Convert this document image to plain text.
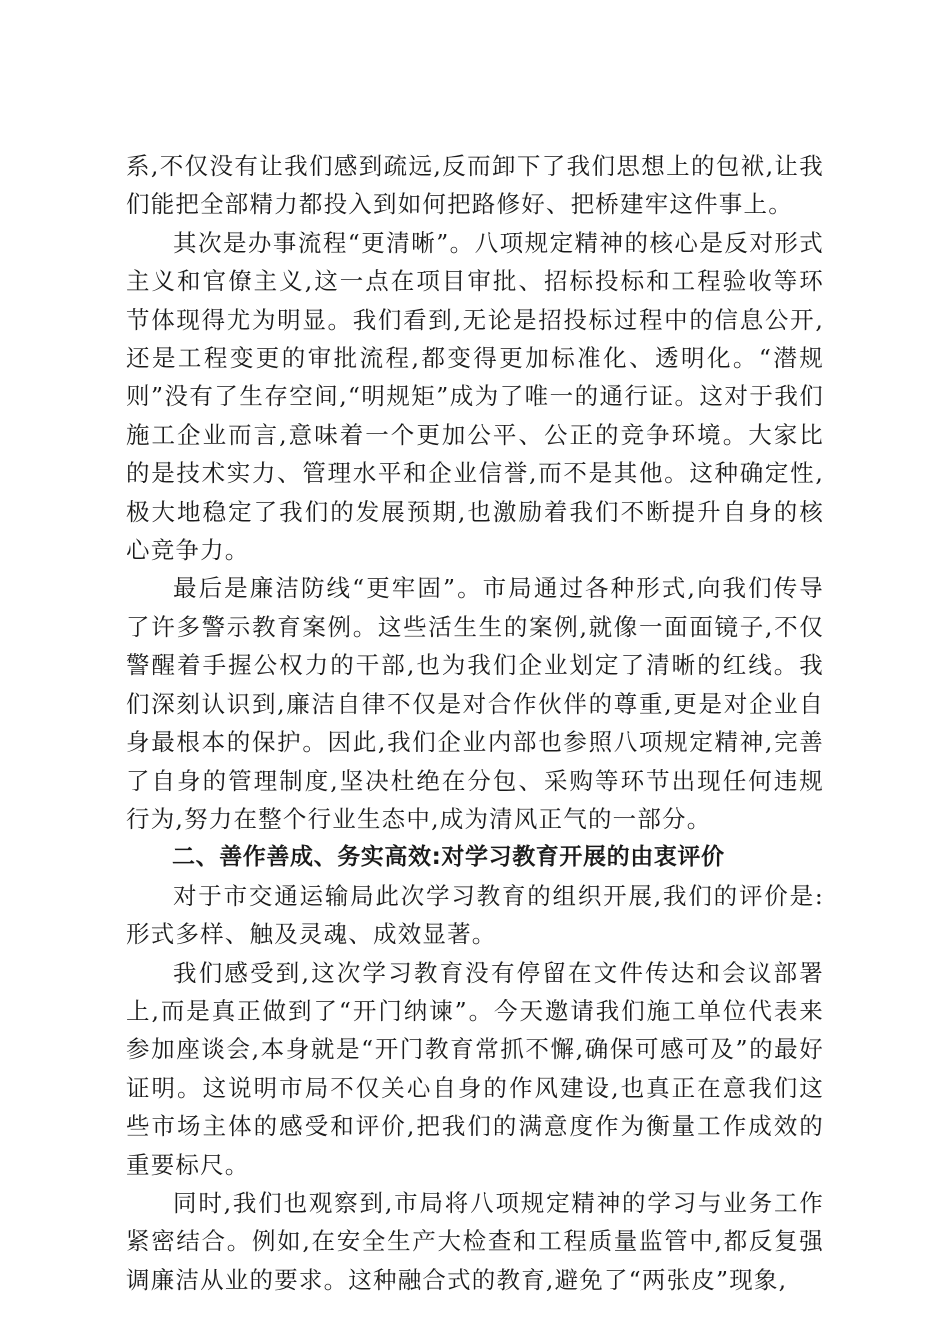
系,不仅没有让我们感到疏远,反而卸下了我们思想上的包袱,让我们能把全部精力都投入到如何把路修好、把桥建牢这件事上。

其次是办事流程“更清晰”。八项规定精神的核心是反对形式主义和官僚主义,这一点在项目审批、招标投标和工程验收等环节体现得尤为明显。我们看到,无论是招投标过程中的信息公开,还是工程变更的审批流程,都变得更加标准化、透明化。“潜规则”没有了生存空间,“明规矩”成为了唯一的通行证。这对于我们施工企业而言,意味着一个更加公平、公正的竞争环境。大家比的是技术实力、管理水平和企业信誉,而不是其他。这种确定性,极大地稳定了我们的发展预期,也激励着我们不断提升自身的核心竞争力。

最后是廉洁防线“更牢固”。市局通过各种形式,向我们传导了许多警示教育案例。这些活生生的案例,就像一面面镜子,不仅警醒着手握公权力的干部,也为我们企业划定了清晰的红线。我们深刻认识到,廉洁自律不仅是对合作伙伴的尊重,更是对企业自身最根本的保护。因此,我们企业内部也参照八项规定精神,完善了自身的管理制度,坚决杜绝在分包、采购等环节出现任何违规行为,努力在整个行业生态中,成为清风正气的一部分。

二、善作善成、务实高效:对学习教育开展的由衷评价

对于市交通运输局此次学习教育的组织开展,我们的评价是:形式多样、触及灵魂、成效显著。

我们感受到,这次学习教育没有停留在文件传达和会议部署上,而是真正做到了“开门纳谏”。今天邀请我们施工单位代表来参加座谈会,本身就是“开门教育常抓不懈,确保可感可及”的最好证明。这说明市局不仅关心自身的作风建设,也真正在意我们这些市场主体的感受和评价,把我们的满意度作为衡量工作成效的重要标尺。

同时,我们也观察到,市局将八项规定精神的学习与业务工作紧密结合。例如,在安全生产大检查和工程质量监管中,都反复强调廉洁从业的要求。这种融合式的教育,避免了“两张皮”现象,
